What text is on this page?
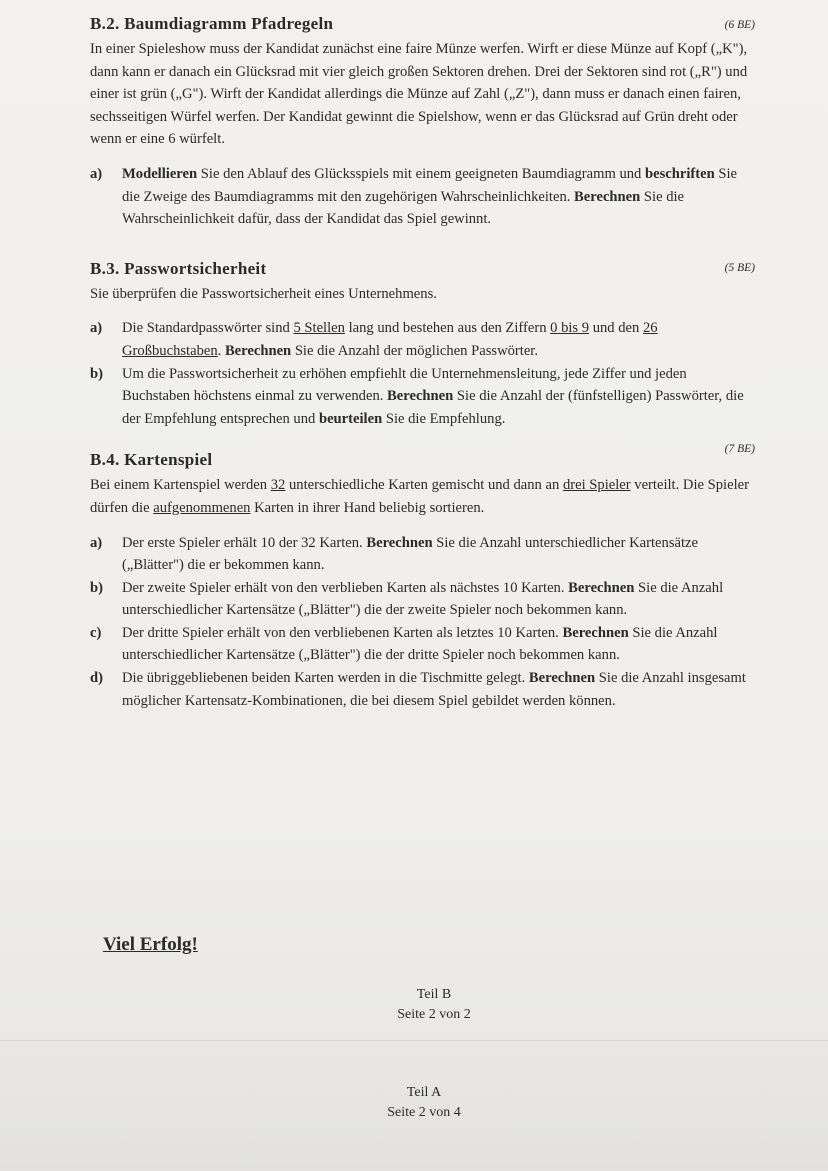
(6 BE)
B.2. Baumdiagramm Pfadregeln

In einer Spieleshow muss der Kandidat zunächst eine faire Münze werfen. Wirft er diese Münze auf Kopf („K"), dann kann er danach ein Glücksrad mit vier gleich großen Sektoren drehen. Drei der Sektoren sind rot („R") und einer ist grün („G"). Wirft der Kandidat allerdings die Münze auf Zahl („Z"), dann muss er danach einen fairen, sechsseitigen Würfel werfen. Der Kandidat gewinnt die Spielshow, wenn er das Glücksrad auf Grün dreht oder wenn er eine 6 würfelt.

a)	Modellieren Sie den Ablauf des Glücksspiels mit einem geeigneten Baumdiagramm und beschriften Sie die Zweige des Baumdiagramms mit den zugehörigen Wahrscheinlichkeiten. Berechnen Sie die Wahrscheinlichkeit dafür, dass der Kandidat das Spiel gewinnt.
(5 BE)
B.3. Passwortsicherheit

Sie überprüfen die Passwortsicherheit eines Unternehmens.

a)	Die Standardpasswörter sind 5 Stellen lang und bestehen aus den Ziffern 0 bis 9 und den 26 Großbuchstaben. Berechnen Sie die Anzahl der möglichen Passwörter.
b)	Um die Passwortsicherheit zu erhöhen empfiehlt die Unternehmensleitung, jede Ziffer und jeden Buchstaben höchstens einmal zu verwenden. Berechnen Sie die Anzahl der (fünfstelligen) Passwörter, die der Empfehlung entsprechen und beurteilen Sie die Empfehlung.
(7 BE)
B.4. Kartenspiel

Bei einem Kartenspiel werden 32 unterschiedliche Karten gemischt und dann an drei Spieler verteilt. Die Spieler dürfen die aufgenommenen Karten in ihrer Hand beliebig sortieren.

a)	Der erste Spieler erhält 10 der 32 Karten. Berechnen Sie die Anzahl unterschiedlicher Kartensätze („Blätter") die er bekommen kann.
b)	Der zweite Spieler erhält von den verblieben Karten als nächstes 10 Karten. Berechnen Sie die Anzahl unterschiedlicher Kartensätze („Blätter") die der zweite Spieler noch bekommen kann.
c)	Der dritte Spieler erhält von den verbliebenen Karten als letztes 10 Karten. Berechnen Sie die Anzahl unterschiedlicher Kartensätze („Blätter") die der dritte Spieler noch bekommen kann.
d)	Die übriggebliebenen beiden Karten werden in die Tischmitte gelegt. Berechnen Sie die Anzahl insgesamt möglicher Kartensatz-Kombinationen, die bei diesem Spiel gebildet werden können.
Viel Erfolg!
Teil B
Seite 2 von 2
Teil A
Seite 2 von 4
